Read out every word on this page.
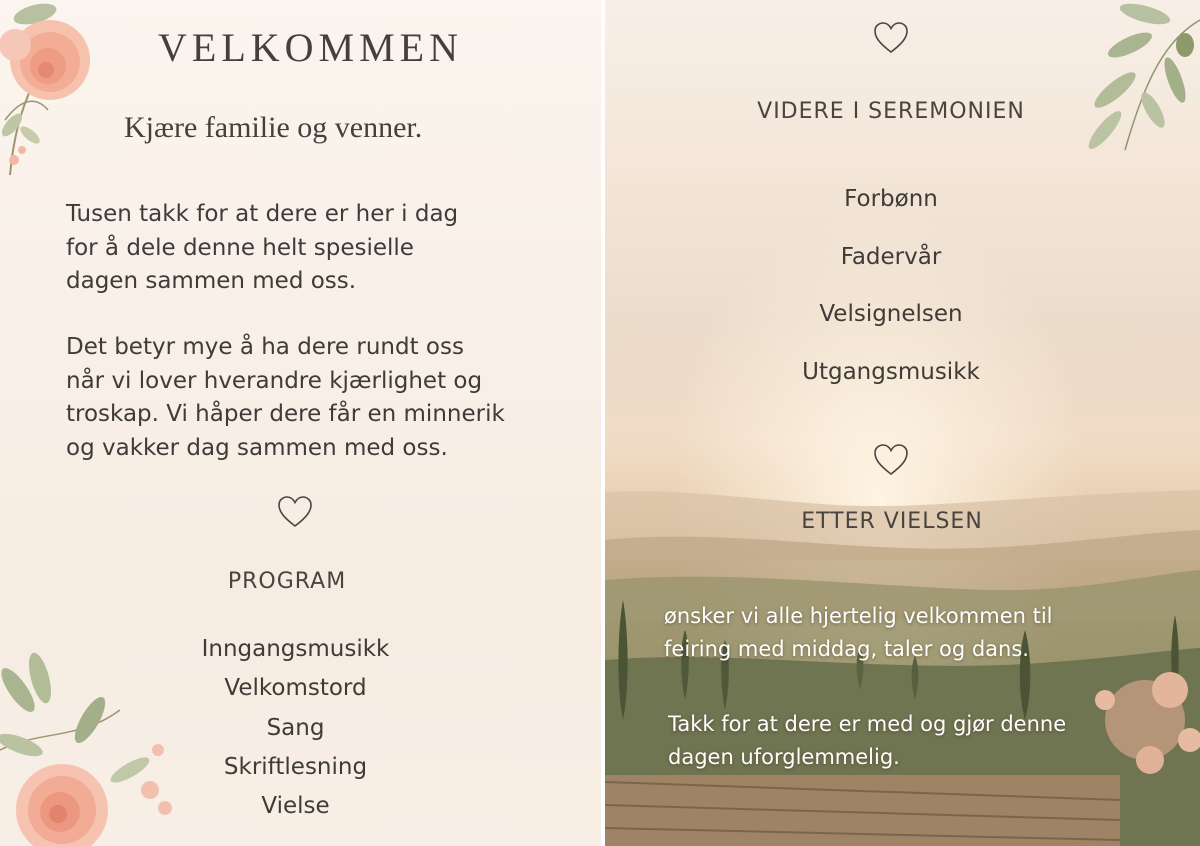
VELKOMMEN
Kjære familie og venner.
Tusen takk for at dere er her i dag
for å dele denne helt spesielle
dagen sammen med oss.
Det betyr mye å ha dere rundt oss
når vi lover hverandre kjærlighet og
troskap. Vi håper dere får en minnerik
og vakker dag sammen med oss.
PROGRAM
Inngangsmusikk
Velkomstord
Sang
Skriftlesning
Vielse
VIDERE I SEREMONIEN
Forbønn
Fadervår
Velsignelsen
Utgangsmusikk
ETTER VIELSEN
ønsker vi alle hjertelig velkommen til
feiring med middag, taler og dans.
Takk for at dere er med og gjør denne
dagen uforglemmelig.
